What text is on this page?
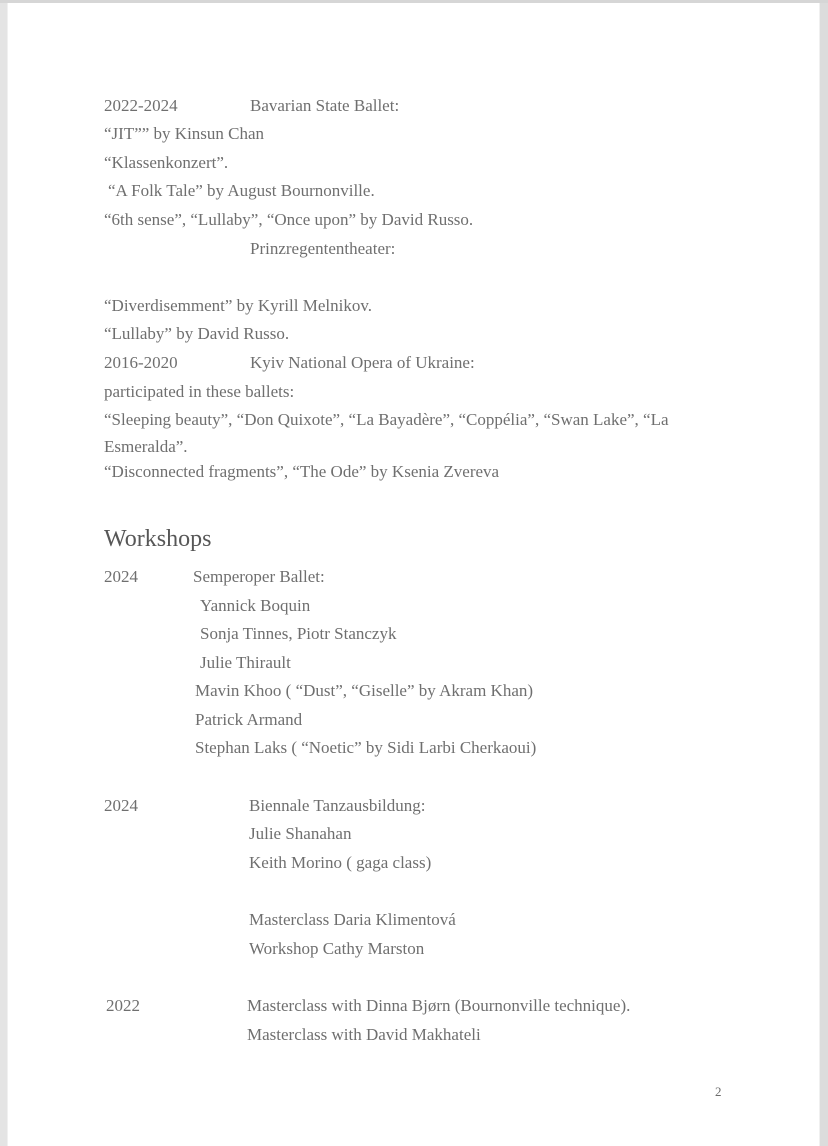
2022-2024	Bavarian State Ballet:
“JIT”” by Kinsun Chan
“Klassenkonzert”.
“A Folk Tale” by August Bournonville.
“6th sense”, “Lullaby”, “Once upon” by David Russo.
Prinzregententheater:
“Diverdisemment” by Kyrill Melnikov.
“Lullaby” by David Russo.
2016-2020	Kyiv National Opera of Ukraine:
participated in these ballets:
“Sleeping beauty”, “Don Quixote”, “La Bayadère”, “Coppélia”, “Swan Lake”, “La
Esmeralda”.
“Disconnected fragments”, “The Ode” by Ksenia Zvereva
Workshops
2024	Semperoper Ballet:
Yannick Boquin
Sonja Tinnes, Piotr Stanczyk
Julie Thirault
Mavin Khoo ( “Dust”, “Giselle” by Akram Khan)
Patrick Armand
Stephan Laks ( “Noetic” by Sidi Larbi Cherkaoui)
2024	Biennale Tanzausbildung:
Julie Shanahan
Keith Morino ( gaga class)
Masterclass Daria Klimentová
Workshop Cathy Marston
2022	Masterclass with Dinna Bjørn (Bournonville technique).
Masterclass with David Makhateli
2
